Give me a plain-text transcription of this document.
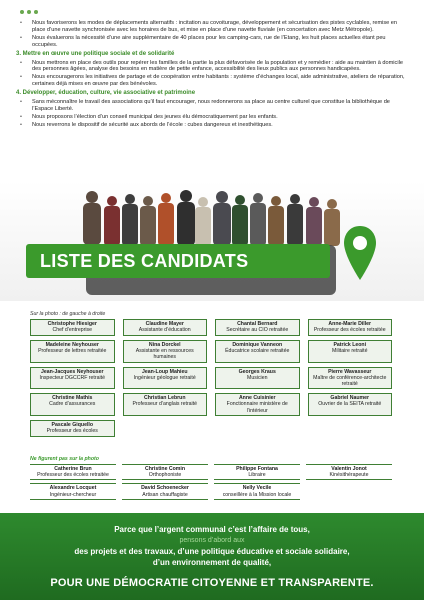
• Nous favoriserons les modes de déplacements alternatifs : incitation au covoiturage, développement et sécurisation des pistes cyclables, remise en place d’une navette synchronisée avec les horaires de bus, et mise en place d’une navette fluviale (en concertation avec Metz Métropole).
• Nous évaluerons la nécessité d’une aire supplémentaire de 40 places pour les camping-cars, rue de l’Etang, les huit places actuelles étant peu occupées.
3. Mettre en œuvre une politique sociale et de solidarité
• Nous mettrons en place des outils pour repérer les familles de la partie la plus défavorisée de la population et y remédier : aide au maintien à domicile des personnes âgées, analyse des besoins en matière de petite enfance, accessibilité des lieux publics aux personnes handicapées.
• Nous encouragerons les initiatives de partage et de coopération entre habitants : système d’échanges local, aide administrative, ateliers de réparation, certaines déjà mises en œuvre par des bénévoles.
4. Développer, éducation, culture, vie associative et patrimoine
• Sans méconnaître le travail des associations qu’il faut encourager, nous redonnerons sa place au centre culturel que constitue la bibliothèque de l’Espace Liberté.
• Nous proposons l’élection d’un conseil municipal des jeunes élu démocratiquement par les enfants.
• Nous reverrons le dispositif de sécurité aux abords de l’école : cubes dangereux et inesthétiques.
LISTE DES CANDIDATS
Sur la photo : de gauche à droite
Christophe Hiesiger
Chef d’entreprise
Claudine Mayer
Assistante d’éducation
Chantal Bernard
Secrétaire au CIO retraitée
Anne-Marie Diller
Professeur des écoles retraitée
Madeleine Neyhouser
Professeur de lettres retraitée
Nina Dorckel
Assistante en ressources humaines
Dominique Vanneon
Éducatrice scolaire retraitée
Patrick Leoni
Militaire retraité
Jean-Jacques Neyhouser
Inspecteur DGCCRF retraité
Jean-Loup Mahieu
Ingénieur géologue retraité
Georges Kraus
Musicien
Pierre Wavasseur
Maître de conférence-architecte retraité
Christine Mathis
Cadre d’assurances
Christian Lebrun
Professeur d’anglais retraité
Anne Cuisinier
Fonctionnaire ministère de l’intérieur
Gabriel Naumer
Ouvrier de la SEITA retraité
Pascale Giquello
Professeur des écoles
Ne figurent pas sur la photo
Catherine Brun
Professeur des écoles retraitée
Christine Comin
Orthophoniste
Philippe Fontana
Libraire
Valentin Jonot
Kinésithérapeute
Alexandre Locquet
Ingénieur-chercheur
David Schoenecker
Artisan chauffagiste
Nelly Vecile
conseillère à la Mission locale
Parce que l’argent communal c’est l’affaire de tous,
pensons d’abord aux
des projets et des travaux, d’une politique éducative et sociale solidaire,
d’un environnement de qualité,
POUR UNE DÉMOCRATIE CITOYENNE ET TRANSPARENTE.
